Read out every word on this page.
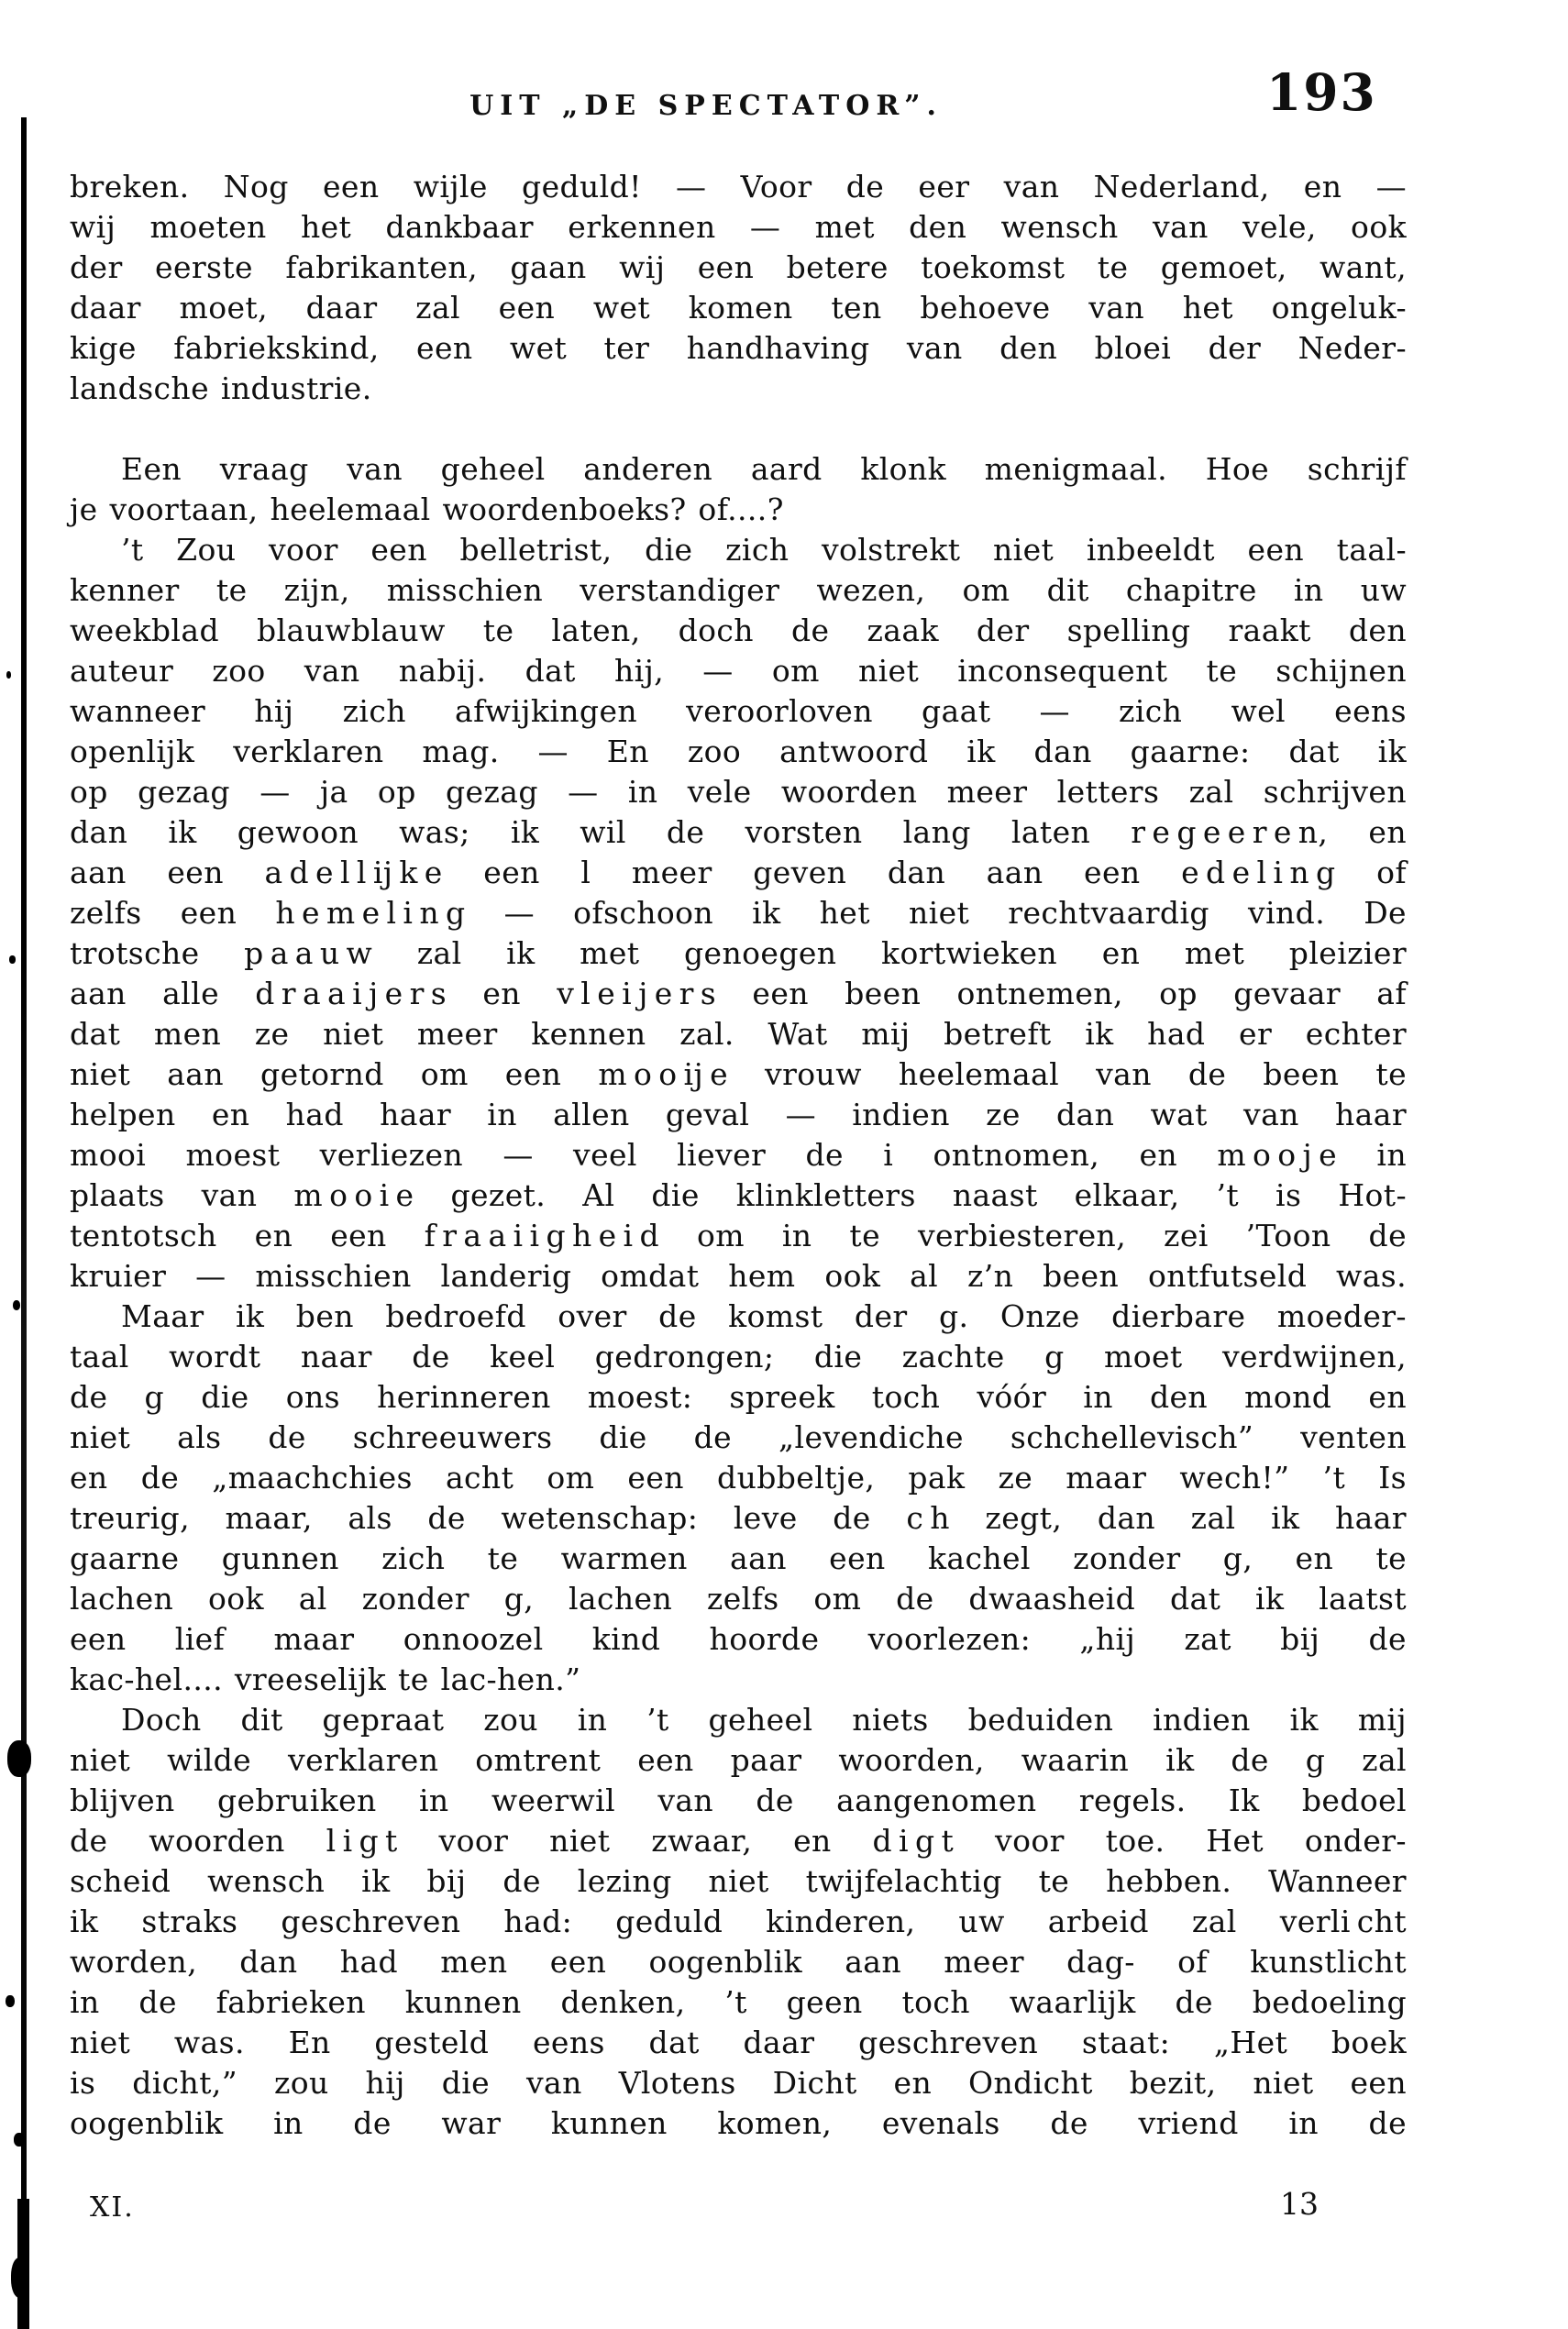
UIT „DE SPECTATOR”.	193
breken. Nog een wijle geduld! — Voor de eer van Nederland, en —
wij moeten het dankbaar erkennen — met den wensch van vele, ook
der eerste fabrikanten, gaan wij een betere toekomst te gemoet, want,
daar moet, daar zal een wet komen ten behoeve van het ongeluk-
kige fabriekskind, een wet ter handhaving van den bloei der Neder-
landsche industrie.
Een vraag van geheel anderen aard klonk menigmaal. Hoe schrijf
je voortaan, heelemaal woordenboeks? of....?
’t Zou voor een belletrist, die zich volstrekt niet inbeeldt een taal-
kenner te zijn, misschien verstandiger wezen, om dit chapitre in uw
weekblad blauwblauw te laten, doch de zaak der spelling raakt den
auteur zoo van nabij. dat hij, — om niet inconsequent te schijnen
wanneer hij zich afwijkingen veroorloven gaat — zich wel eens
openlijk verklaren mag. — En zoo antwoord ik dan gaarne: dat ik
op gezag — ja op gezag — in vele woorden meer letters zal schrijven
dan ik gewoon was; ik wil de vorsten lang laten r e g e e r e n, en
aan een a d e l l ij k e een l meer geven dan aan een e d e l i n g of
zelfs een h e m e l i n g — ofschoon ik het niet rechtvaardig vind. De
trotsche p a a u w zal ik met genoegen kortwieken en met pleizier
aan alle d r a a i j e r s en v l e i j e r s een been ontnemen, op gevaar af
dat men ze niet meer kennen zal. Wat mij betreft ik had er echter
niet aan getornd om een m o o ij e vrouw heelemaal van de been te
helpen en had haar in allen geval — indien ze dan wat van haar
mooi moest verliezen — veel liever de i ontnomen, en m o o j e in
plaats van m o o i e gezet. Al die klinkletters naast elkaar, ’t is Hot-
tentotsch en een f r a a i i g h e i d om in te verbiesteren, zei ’Toon de
kruier — misschien landerig omdat hem ook al z’n been ontfutseld was.
Maar ik ben bedroefd over de komst der g. Onze dierbare moeder-
taal wordt naar de keel gedrongen; die zachte g moet verdwijnen,
de g die ons herinneren moest: spreek toch vóór in den mond en
niet als de schreeuwers die de „levendiche schchellevisch” venten
en de „maachchies acht om een dubbeltje, pak ze maar wech!” ’t Is
treurig, maar, als de wetenschap: leve de c h zegt, dan zal ik haar
gaarne gunnen zich te warmen aan een kachel zonder g, en te
lachen ook al zonder g, lachen zelfs om de dwaasheid dat ik laatst
een lief maar onnoozel kind hoorde voorlezen: „hij zat bij de
kac-hel.... vreeselijk te lac-hen.”
Doch dit gepraat zou in ’t geheel niets beduiden indien ik mij
niet wilde verklaren omtrent een paar woorden, waarin ik de g zal
blijven gebruiken in weerwil van de aangenomen regels. Ik bedoel
de woorden l i g t voor niet zwaar, en d i g t voor toe. Het onder-
scheid wensch ik bij de lezing niet twijfelachtig te hebben. Wanneer
ik straks geschreven had: geduld kinderen, uw arbeid zal verli cht
worden, dan had men een oogenblik aan meer dag- of kunstlicht
in de fabrieken kunnen denken, ’t geen toch waarlijk de bedoeling
niet was. En gesteld eens dat daar geschreven staat: „Het boek
is dicht,” zou hij die van Vlotens Dicht en Ondicht bezit, niet een
oogenblik in de war kunnen komen, evenals de vriend in de
XI.	13
